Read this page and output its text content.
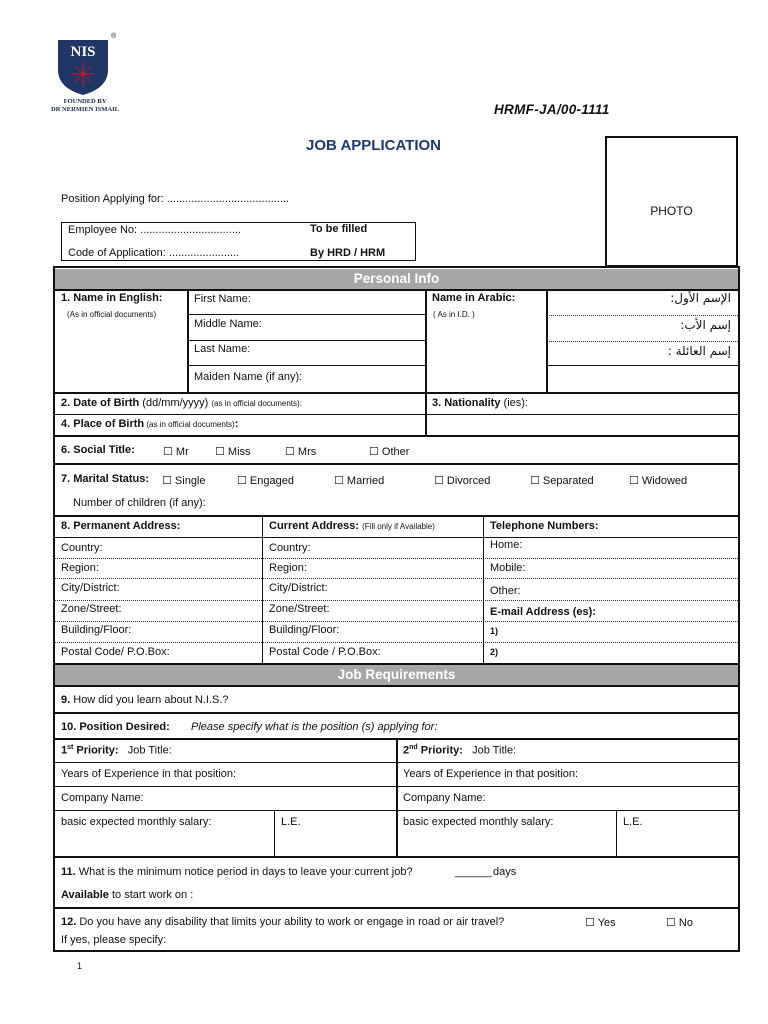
NIS
®
FOUNDED BY
DR NERMIEN ISMAIL	HRMF-JA/00-1111
JOB APPLICATION
PHOTO
Position Applying for: ........................................
Employee No: .................................	To be filled
Code of Application: .......................	By HRD / HRM
Personal Info
1. Name in English:
(As in official documents)
First Name:
Middle Name:
Last Name:
Maiden Name (if any):
Name in Arabic:
( As in I.D. )
الإسم الأول:
إسم الأب:
إسم العائلة :
2. Date of Birth (dd/mm/yyyy) (as in official documents):	3. Nationality (ies):
4. Place of Birth (as in official documents):
6. Social Title:	☐ Mr ☐ Miss	☐ Mrs	☐ Other
7. Marital Status: ☐ Single	☐ Engaged	☐ Married	☐ Divorced	☐ Separated	☐ Widowed
Number of children (if any):
8. Permanent Address:	Current Address: (Fill only if Available)	Telephone Numbers:
Country:	Country:	Home:
Region:	Region:	Mobile:
City/District:	City/District:	Other:
Zone/Street:	Zone/Street:	E-mail Address (es):
Building/Floor:	Building/Floor:	1)
Postal Code/ P.O.Box:	Postal Code / P.O.Box:	2)
Job Requirements
9. How did you learn about N.I.S.?
10. Position Desired: Please specify what is the position (s) applying for:
1st Priority: Job Title:	2nd Priority: Job Title:
Years of Experience in that position:	Years of Experience in that position:
Company Name:	Company Name:
basic expected monthly salary:	L.E.	basic expected monthly salary:	L.E.
11. What is the minimum notice period in days to leave your current job?	______ days
Available to start work on :
12. Do you have any disability that limits your ability to work or engage in road or air travel?	☐ Yes	☐ No
If yes, please specify:
1
